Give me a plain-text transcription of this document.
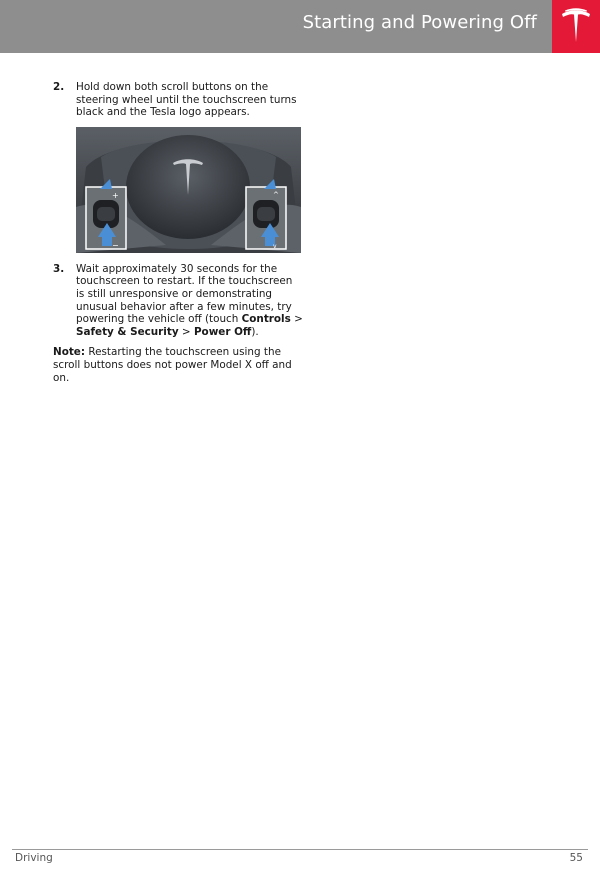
Starting and Powering Off

2. Hold down both scroll buttons on the steering wheel until the touchscreen turns black and the Tesla logo appears.

+
−
^
v

3. Wait approximately 30 seconds for the touchscreen to restart. If the touchscreen is still unresponsive or demonstrating unusual behavior after a few minutes, try powering the vehicle off (touch Controls > Safety & Security > Power Off).

Note: Restarting the touchscreen using the scroll buttons does not power Model X off and on.

Driving	55
